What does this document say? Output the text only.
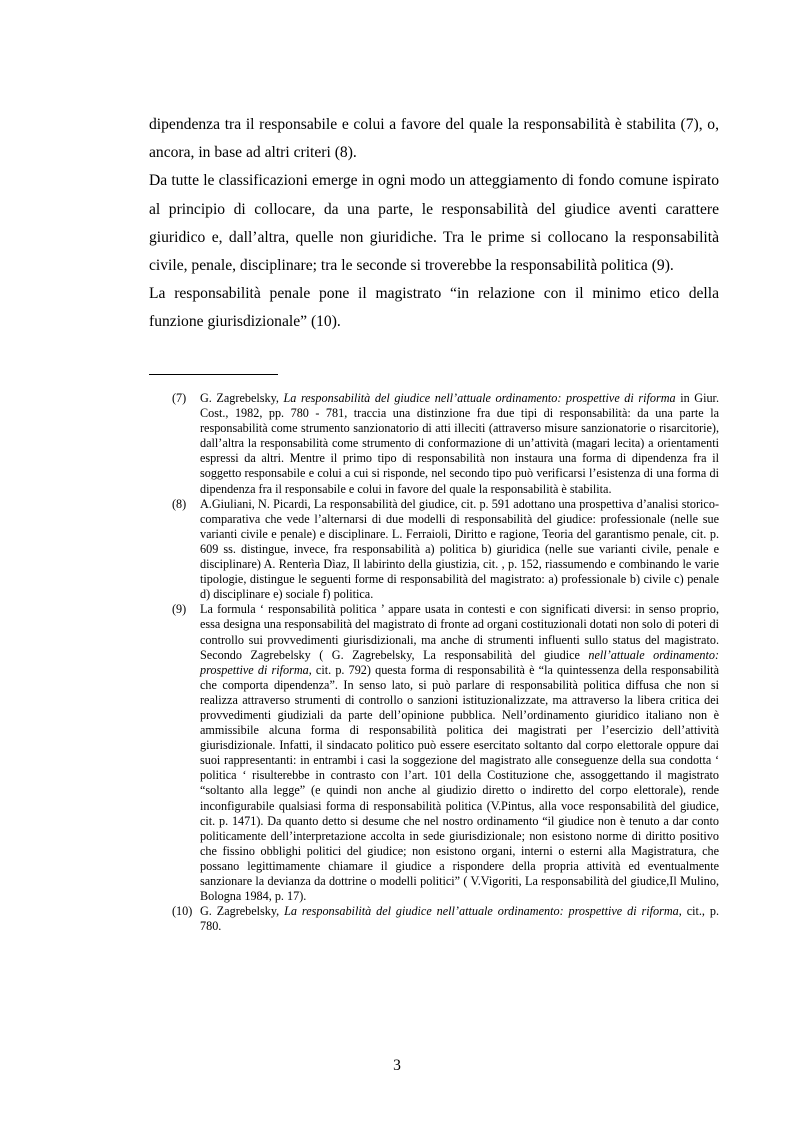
dipendenza tra il responsabile e colui a favore del quale la responsabilità è stabilita (7), o, ancora, in base ad altri criteri (8).

Da tutte le classificazioni emerge in ogni modo un atteggiamento di fondo comune ispirato al principio di collocare, da una parte, le responsabilità del giudice aventi carattere giuridico e, dall’altra, quelle non giuridiche. Tra le prime si collocano la responsabilità civile, penale, disciplinare; tra le seconde si troverebbe la responsabilità politica (9).

La responsabilità penale pone il magistrato “in relazione con il minimo etico della funzione giurisdizionale” (10).

(7)	G. Zagrebelsky, La responsabilità del giudice nell’attuale ordinamento: prospettive di riforma in Giur. Cost., 1982, pp. 780 - 781, traccia una distinzione fra due tipi di responsabilità: da una parte la responsabilità come strumento sanzionatorio di atti illeciti (attraverso misure sanzionatorie o risarcitorie), dall’altra la responsabilità come strumento di conformazione di un’attività (magari lecita) a orientamenti espressi da altri. Mentre il primo tipo di responsabilità non instaura una forma di dipendenza fra il soggetto responsabile e colui a cui si risponde, nel secondo tipo può verificarsi l’esistenza di una forma di dipendenza fra il responsabile e colui in favore del quale la responsabilità è stabilita.
(8)	A.Giuliani, N. Picardi, La responsabilità del giudice, cit. p. 591 adottano una prospettiva d’analisi storico-comparativa che vede l’alternarsi di due modelli di responsabilità del giudice: professionale (nelle sue varianti civile e penale) e disciplinare. L. Ferraioli, Diritto e ragione, Teoria del garantismo penale, cit. p. 609 ss. distingue, invece, fra responsabilità a) politica b) giuridica (nelle sue varianti civile, penale e disciplinare) A. Renterìa Dìaz, Il labirinto della giustizia, cit. , p. 152, riassumendo e combinando le varie tipologie, distingue le seguenti forme di responsabilità del magistrato: a) professionale b) civile c) penale d) disciplinare e) sociale f) politica.
(9)	La formula ‘ responsabilità politica ’ appare usata in contesti e con significati diversi: in senso proprio, essa designa una responsabilità del magistrato di fronte ad organi costituzionali dotati non solo di poteri di controllo sui provvedimenti giurisdizionali, ma anche di strumenti influenti sullo status del magistrato. Secondo Zagrebelsky ( G. Zagrebelsky, La responsabilità del giudice nell’attuale ordinamento: prospettive di riforma, cit. p. 792) questa forma di responsabilità è “la quintessenza della responsabilità che comporta dipendenza”. In senso lato, si può parlare di responsabilità politica diffusa che non si realizza attraverso strumenti di controllo o sanzioni istituzionalizzate, ma attraverso la libera critica dei provvedimenti giudiziali da parte dell’opinione pubblica. Nell’ordinamento giuridico italiano non è ammissibile alcuna forma di responsabilità politica dei magistrati per l’esercizio dell’attività giurisdizionale. Infatti, il sindacato politico può essere esercitato soltanto dal corpo elettorale oppure dai suoi rappresentanti: in entrambi i casi la soggezione del magistrato alle conseguenze della sua condotta ‘ politica ‘ risulterebbe in contrasto con l’art. 101 della Costituzione che, assoggettando il magistrato “soltanto alla legge” (e quindi non anche al giudizio diretto o indiretto del corpo elettorale), rende inconfigurabile qualsiasi forma di responsabilità politica (V.Pintus, alla voce responsabilità del giudice, cit. p. 1471). Da quanto detto si desume che nel nostro ordinamento “il giudice non è tenuto a dar conto politicamente dell’interpretazione accolta in sede giurisdizionale; non esistono norme di diritto positivo che fissino obblighi politici del giudice; non esistono organi, interni o esterni alla Magistratura, che possano legittimamente chiamare il giudice a rispondere della propria attività ed eventualmente sanzionare la devianza da dottrine o modelli politici” ( V.Vigoriti, La responsabilità del giudice,Il Mulino, Bologna 1984, p. 17).
(10) G. Zagrebelsky, La responsabilità del giudice nell’attuale ordinamento: prospettive di riforma, cit., p. 780.
3
